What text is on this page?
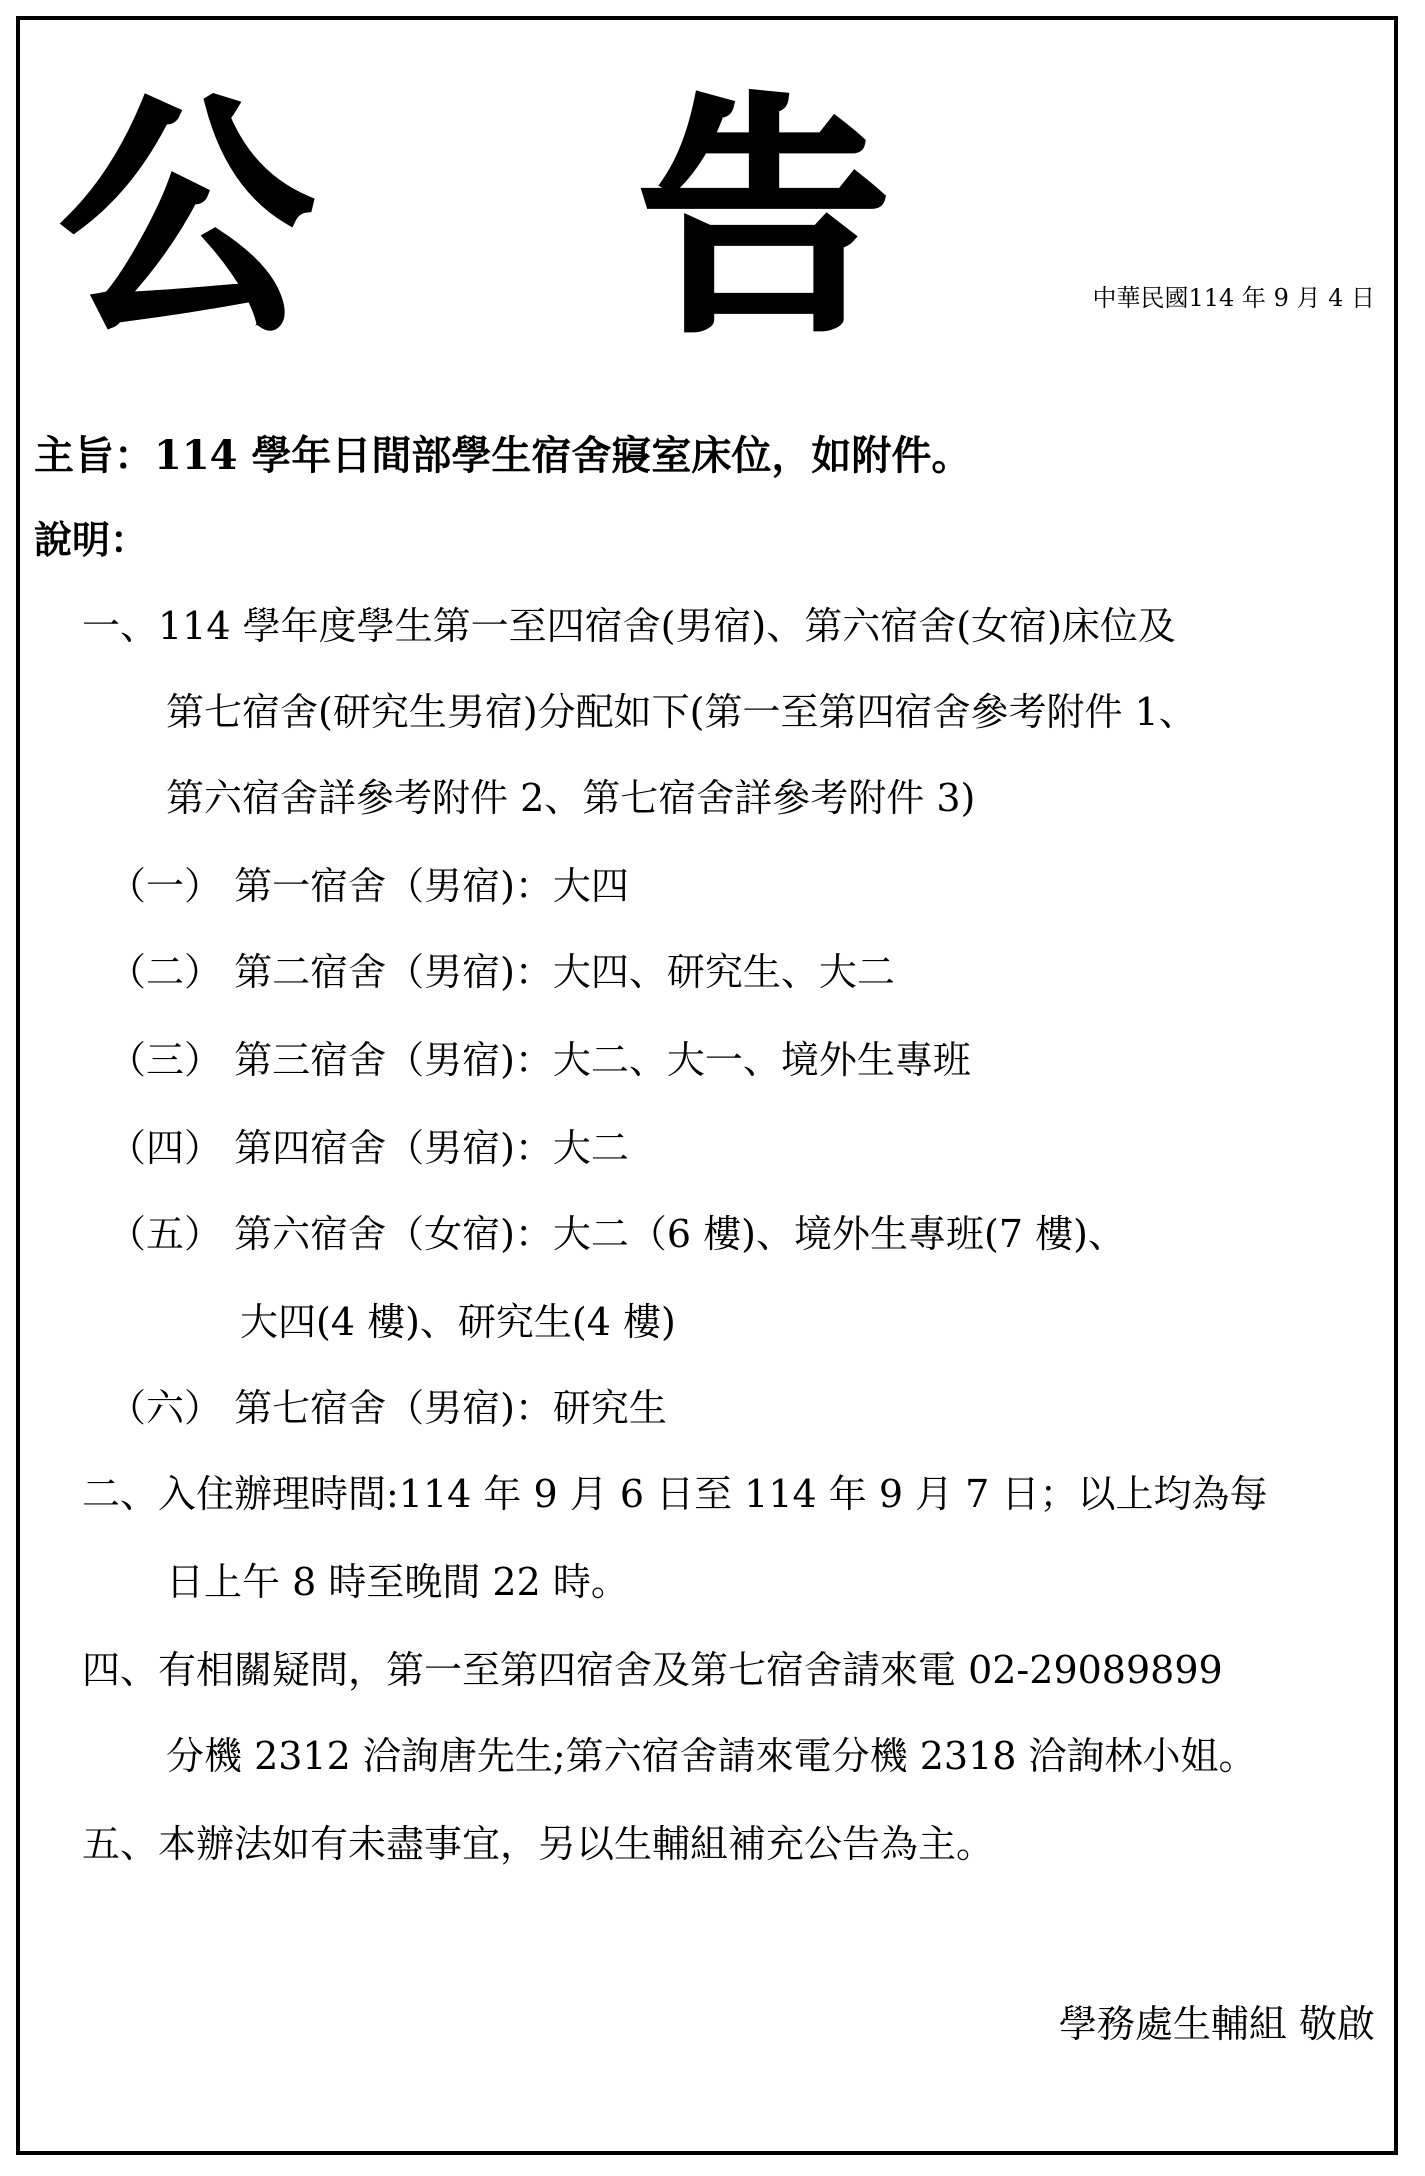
公 告	中華民國114 年 9 月 4 日
主旨：114 學年日間部學生宿舍寢室床位，如附件。
說明：
一、114 學年度學生第一至四宿舍(男宿)、第六宿舍(女宿)床位及
第七宿舍(研究生男宿)分配如下(第一至第四宿舍參考附件 1、
第六宿舍詳參考附件 2、第七宿舍詳參考附件 3)
（一） 第一宿舍（男宿)：大四
（二） 第二宿舍（男宿)：大四、研究生、大二
（三） 第三宿舍（男宿)：大二、大一、境外生專班
（四） 第四宿舍（男宿)：大二
（五） 第六宿舍（女宿)：大二（6 樓)、境外生專班(7 樓)、
大四(4 樓)、研究生(4 樓)
（六） 第七宿舍（男宿)：研究生
二、入住辦理時間:114 年 9 月 6 日至 114 年 9 月 7 日；以上均為每
日上午 8 時至晚間 22 時。
四、有相關疑問，第一至第四宿舍及第七宿舍請來電 02-29089899
分機 2312 洽詢唐先生;第六宿舍請來電分機 2318 洽詢林小姐。
五、本辦法如有未盡事宜，另以生輔組補充公告為主。
學務處生輔組 敬啟
